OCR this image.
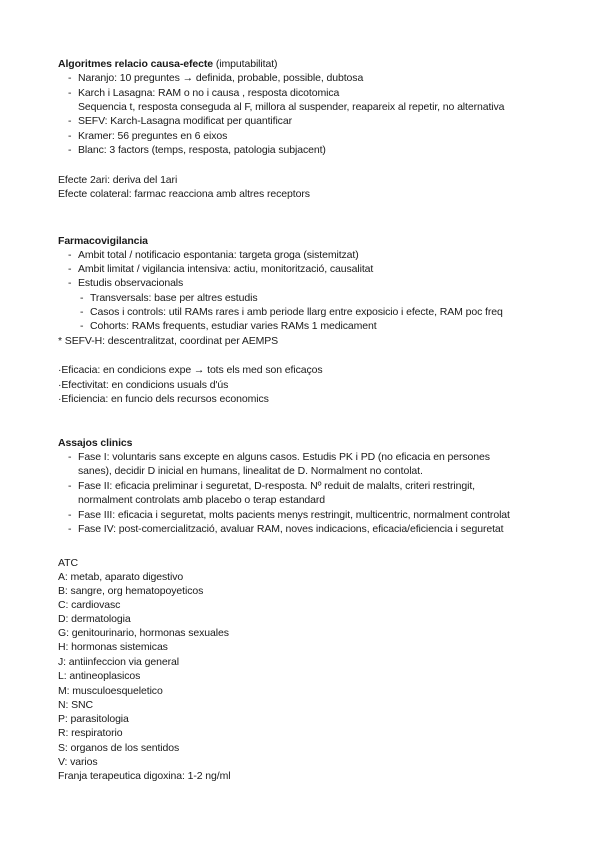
Algoritmes relacio causa-efecte (imputabilitat)
- Naranjo: 10 preguntes → definida, probable, possible, dubtosa
- Karch i Lasagna: RAM o no i causa , resposta dicotomica
Sequencia t, resposta conseguda al F, millora al suspender, reapareix al repetir, no alternativa
- SEFV: Karch-Lasagna modificat per quantificar
- Kramer: 56 preguntes en 6 eixos
- Blanc: 3 factors (temps, resposta, patologia subjacent)
Efecte 2ari: deriva del 1ari
Efecte colateral: farmac reacciona amb altres receptors
Farmacovigilancia
- Ambit total / notificacio espontania: targeta groga (sistemitzat)
- Ambit limitat / vigilancia intensiva: actiu, monitorització, causalitat
- Estudis observacionals
- Transversals: base per altres estudis
- Casos i controls: util RAMs rares i amb periode llarg entre exposicio i efecte, RAM poc freq
- Cohorts: RAMs frequents, estudiar varies RAMs 1 medicament
* SEFV-H: descentralitzat, coordinat per AEMPS
·Eficacia: en condicions expe → tots els med son eficaços
·Efectivitat: en condicions usuals d'ús
·Eficiencia: en funcio dels recursos economics
Assajos clinics
- Fase I: voluntaris sans excepte en alguns casos. Estudis PK i PD (no eficacia en persones
sanes), decidir D inicial en humans, linealitat de D. Normalment no contolat.
- Fase II: eficacia preliminar i seguretat, D-resposta. Nº reduit de malalts, criteri restringit,
normalment controlats amb placebo o terap estandard
- Fase III: eficacia i seguretat, molts pacients menys restringit, multicentric, normalment controlat
- Fase IV: post-comercialització, avaluar RAM, noves indicacions, eficacia/eficiencia i seguretat
ATC
A: metab, aparato digestivo
B: sangre, org hematopoyeticos
C: cardiovasc
D: dermatologia
G: genitourinario, hormonas sexuales
H: hormonas sistemicas
J: antiinfeccion via general
L: antineoplasicos
M: musculoesqueletico
N: SNC
P: parasitologia
R: respiratorio
S: organos de los sentidos
V: varios
Franja terapeutica digoxina: 1-2 ng/ml
